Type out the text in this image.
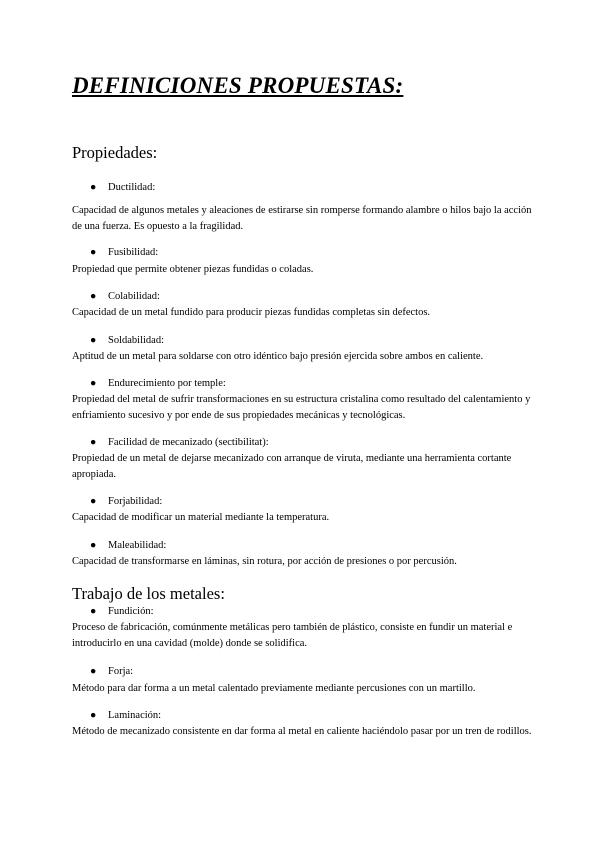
DEFINICIONES PROPUESTAS:
Propiedades:
● Ductilidad:
Capacidad de algunos metales y aleaciones de estirarse sin romperse formando alambre o hilos bajo la acción de una fuerza. Es opuesto a la fragilidad.
● Fusibilidad:
Propiedad que permite obtener piezas fundidas o coladas.
● Colabilidad:
Capacidad de un metal fundido para producir piezas fundidas completas sin defectos.
● Soldabilidad:
Aptitud de un metal para soldarse con otro idéntico bajo presión ejercida sobre ambos en caliente.
● Endurecimiento por temple:
Propiedad del metal de sufrir transformaciones en su estructura cristalina como resultado del calentamiento y enfriamiento sucesivo y por ende de sus propiedades mecánicas y tecnológicas.
● Facilidad de mecanizado (sectibilitat):
Propiedad de un metal de dejarse mecanizado con arranque de viruta, mediante una herramienta cortante apropiada.
● Forjabilidad:
Capacidad de modificar un material mediante la temperatura.
● Maleabilidad:
Capacidad de transformarse en láminas, sin rotura, por acción de presiones o por percusión.
Trabajo de los metales:
● Fundición:
Proceso de fabricación, comúnmente metálicas pero también de plástico, consiste en fundir un material e introducirlo en una cavidad (molde) donde se solidifica.
● Forja:
Método para dar forma a un metal calentado previamente mediante percusiones con un martillo.
● Laminación:
Método de mecanizado consistente en dar forma al metal en caliente haciéndolo pasar por un tren de rodillos.
